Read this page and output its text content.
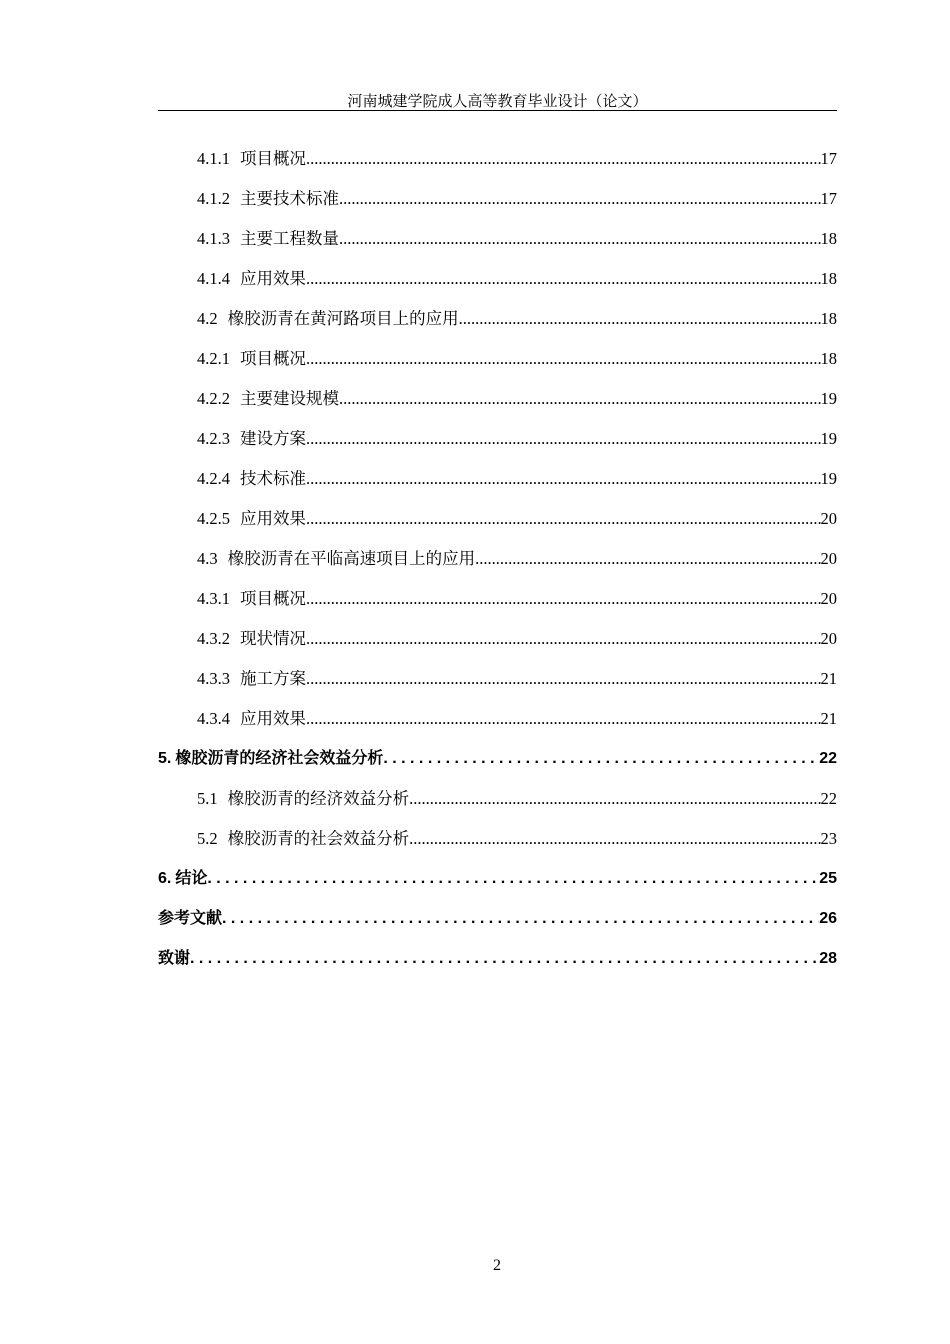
河南城建学院成人高等教育毕业设计（论文）
4.1.1 项目概况 .....	17
4.1.2 主要技术标准 .....	17
4.1.3 主要工程数量 .....	18
4.1.4 应用效果 .....	18
4.2 橡胶沥青在黄河路项目上的应用 .....	18
4.2.1 项目概况 .....	18
4.2.2 主要建设规模 .....	19
4.2.3 建设方案 .....	19
4.2.4 技术标准 .....	19
4.2.5 应用效果 .....	20
4.3 橡胶沥青在平临高速项目上的应用 .....	20
4.3.1 项目概况 .....	20
4.3.2 现状情况 .....	20
4.3.3 施工方案 .....	21
4.3.4 应用效果 .....	21
5. 橡胶沥青的经济社会效益分析 . . .	22
5.1 橡胶沥青的经济效益分析 .....	22
5.2 橡胶沥青的社会效益分析 .....	23
6. 结论 . . .	25
参考文献 . . .	26
致谢 . . .	28
2
